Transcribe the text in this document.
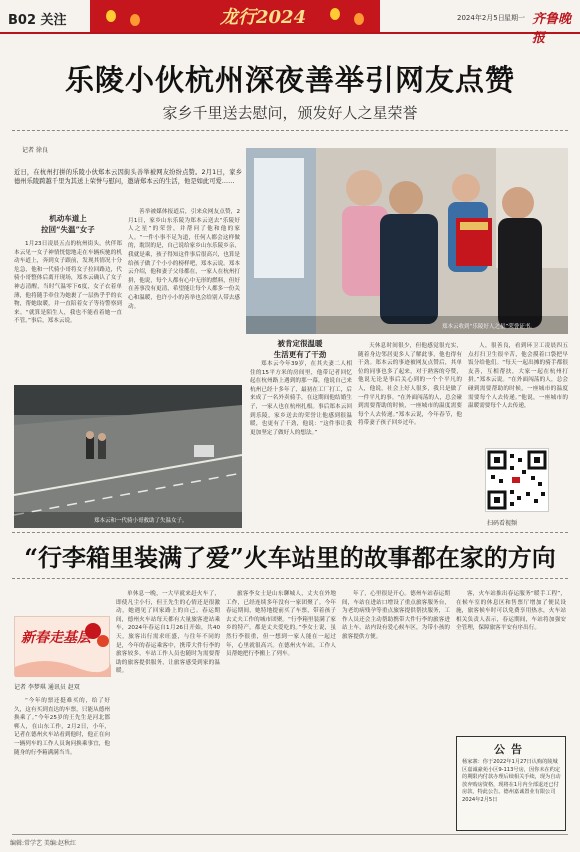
B02 关注	龙行2024	2024年2月5日 星期一 齐鲁晚报
乐陵小伙杭州深夜善举引网友点赞
家乡千里送去慰问，颁发好人之星荣誉
记者 徐良
近日，在杭州打拼的乐陵小伙郑本云因街头善举被网友纷纷点赞。2月1日，家乡德州乐陵跨越千里为其送上荣誉与慰问，邀请郑本云的生活，他是如此可爱……
机动车道上
拉回“失温”女子

1月23日凌晨五点的杭州街头，伙伴郑本云见一女子神情恍惚地走在车辆疾驰的机动车道上，奔到女子跟前，发现其情况十分危急，他和一代骑小哥将女子拉回路边，代骑小哥整体后离开现场，郑本云确认了女子神志清醒，当时气温零下6度，女子衣着单薄，他将随手牵住为她裹了一层热乎乎的衣物，帮她取暖，并一直陪着女子等待警察到来。“就算是陌生人，我也不能看着她一直不管。”事后，郑本云说。

善举被媒体报道后，引来众网友点赞，2月1日，家乡山东乐陵为郑本云送去“乐陵好人之星”的荣誉，并帮问了他和他的家人。“一件小事不足为道，任何人都会这样做的，耽误的是，自己说给家乡山东乐陵乡亲，我就是乘，孩子得知这件事后很高兴，也算是给孩子做了个小小的榜样吧，郑本云说。郑本云介绍，他和妻子父母都在，一家人在杭州打拼，他说，每个人都有心中无形的燃料，但好在善事没有更清，希望能让每个人都多一份关心和温暖，也许小小的善举也会给别人带去感动。

郑本云收到“乐陵好人之星”荣誉证书。
被肯定很温暖
生活更有了干劲
郑本云和一代骑小哥救助了失温女子。

郑本云今年39岁，在其夫妻二人相住的15平方米的房间里，他带记者回忆起在杭州路上遇到的那一幕，他说自己来杭州已经十多年了，最初在工厂打工，后来成了一名外卖骑手，在这期间他结婚生子，一家人也在杭州扎根。事后郑本云回到乐陵，家乡送去的荣誉让他感到很温暖，也更有了干劲，他说：“这件事让我更加坚定了做好人的想法。”

天休息时间很少，但他感觉很充实，随着身边邻居更多人了解此事，他也得有干劲。郑本云的事迹被网友点赞后，其单位的同事也多了起来，对于熟客的夸赞，他说无论是事后关心到的一个个平凡的人，他说，社会上好人很多，我只是做了一件平凡的事。“在外面闯荡的人，总会碰到需要帮助的时候，一座城市的温度需要每个人去传递。”郑本云说，今年春节，他将带妻子孩子回乡过年。

人，很善良，看到环卫工凌晨四五点打扫卫生很辛苦，他会摸着口袋把早饭分给他们。“每天一起出摊的骑手都很友善，互相帮扶，大家一起在杭州打拼。”郑本云说。“在外面闯荡的人，总会碰到需要帮助的时候，一座城市的温度需要每个人去传递。”他说，一座城市的温暖需要每个人去传递，

扫码看视频
“行李箱里装满了爱”火车站里的故事都在家的方向
新春走基层
记者 李梦琪 通讯员 赵双

“今年的票还挺难买的，给了好久，这有买到直达的车票，只能从德州换乘了。”今年25岁的王先生是河北邯郸人，在山东工作，2月2日，小年，记者在德州火车站看到他时，他正在向一辆列车的工作人员询问换乘事宜，他随身的行李箱满满当当。

单休息一晚，一大早就来赶火车了，即使凡尘小行，但王先生的心情还是很激动，她遇见了回家路上的自己。春运期间，德州火车站每天都有大量旅客进站乘车，2024年春运自1月26日开始，共40天，旅客出行需求旺盛，与往年不同的是，今年的春运乘客中，携带大件行李的旅客较多，车站工作人员也随时为需要帮助的旅客提供服务，让旅客感受到家的温暖。

旅客李女士是山东聊城人，丈夫在外地工作，已经连续多年没有一家团聚了。今年春运期间，她特地提前买了车票，带着孩子去丈夫工作的城市团聚。“行李箱里装满了家乡的特产，都是丈夫爱吃的。”李女士说，虽然行李很重，但一想到一家人能在一起过年，心里就很高兴。在德州火车站，工作人员帮她把行李搬上了列车。

年了，心里很是开心。德州车站春运期间，车站在进站口增设了重点旅客服务台，为老幼病残孕等重点旅客提供帮扶服务，工作人员还会主动帮助携带大件行李的旅客进站上车，站内设有爱心候车区，为带小孩的旅客提供方便。

客，火车站推出春运服务“暖手工程”，在候车室的休息区和售票厅增加了便民设施，旅客候车时可以免费享用热水，火车站相关负责人表示，春运期间，车站将加强安全管理，保障旅客平安有序出行。

公告
杨家寨：你于2022年1月27日认购的陵城区嘉诚豪苑小区9-113号房，因你未在约定的期限内付款办理后续相关手续，现为自动放弃购房资格，现将在1月内全部退还已付房款，特此公告。德州嘉诚置业有限公司 2024年2月5日
编辑:常学艺 美编:赵秋红
